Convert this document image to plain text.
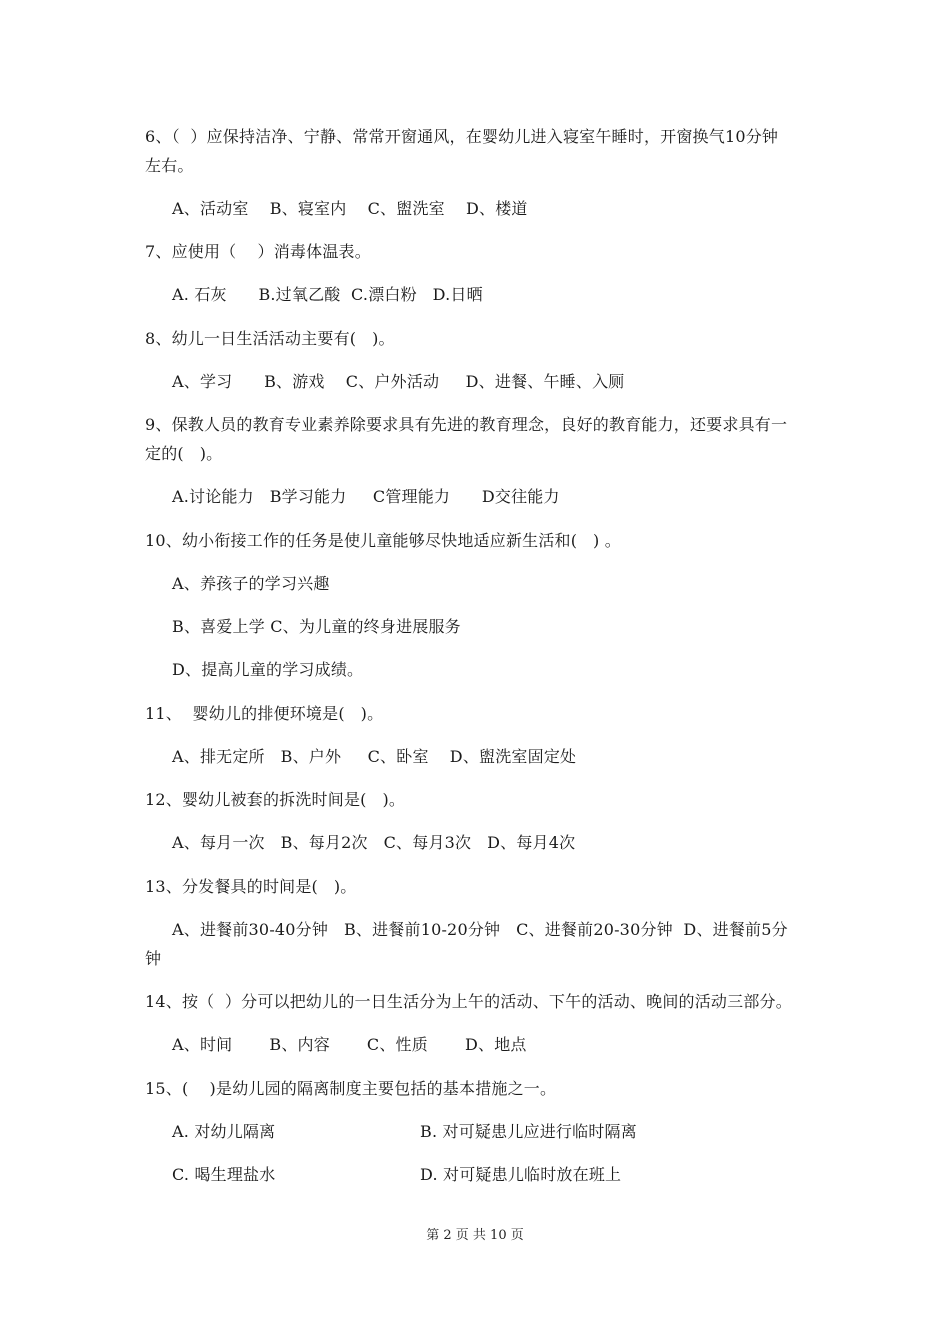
6、（  ）应保持洁净、宁静、常常开窗通风，在婴幼儿进入寝室午睡时，开窗换气10分钟
左右。
A、活动室    B、寝室内    C、盥洗室    D、楼道
7、应使用（    ）消毒体温表。
A. 石灰      B.过氧乙酸  C.漂白粉   D.日晒
8、幼儿一日生活活动主要有(   )。
A、学习      B、游戏    C、户外活动     D、进餐、午睡、入厕
9、保教人员的教育专业素养除要求具有先进的教育理念，良好的教育能力，还要求具有一
定的(   )。
A.讨论能力   B学习能力     C管理能力      D交往能力
10、幼小衔接工作的任务是使儿童能够尽快地适应新生活和(   ) 。
A、养孩子的学习兴趣
B、喜爱上学 C、为儿童的终身进展服务
D、提高儿童的学习成绩。
11、  婴幼儿的排便环境是(   )。
A、排无定所   B、户外     C、卧室    D、盥洗室固定处
12、婴幼儿被套的拆洗时间是(   )。
A、每月一次   B、每月2次   C、每月3次   D、每月4次
13、分发餐具的时间是(   )。
A、进餐前30-40分钟   B、进餐前10-20分钟   C、进餐前20-30分钟  D、进餐前5分
钟
14、按（  ）分可以把幼儿的一日生活分为上午的活动、下午的活动、晚间的活动三部分。
A、时间       B、内容       C、性质       D、地点
15、(    )是幼儿园的隔离制度主要包括的基本措施之一。
A. 对幼儿隔离	B. 对可疑患儿应进行临时隔离
C. 喝生理盐水	D. 对可疑患儿临时放在班上
第 2 页 共 10 页
